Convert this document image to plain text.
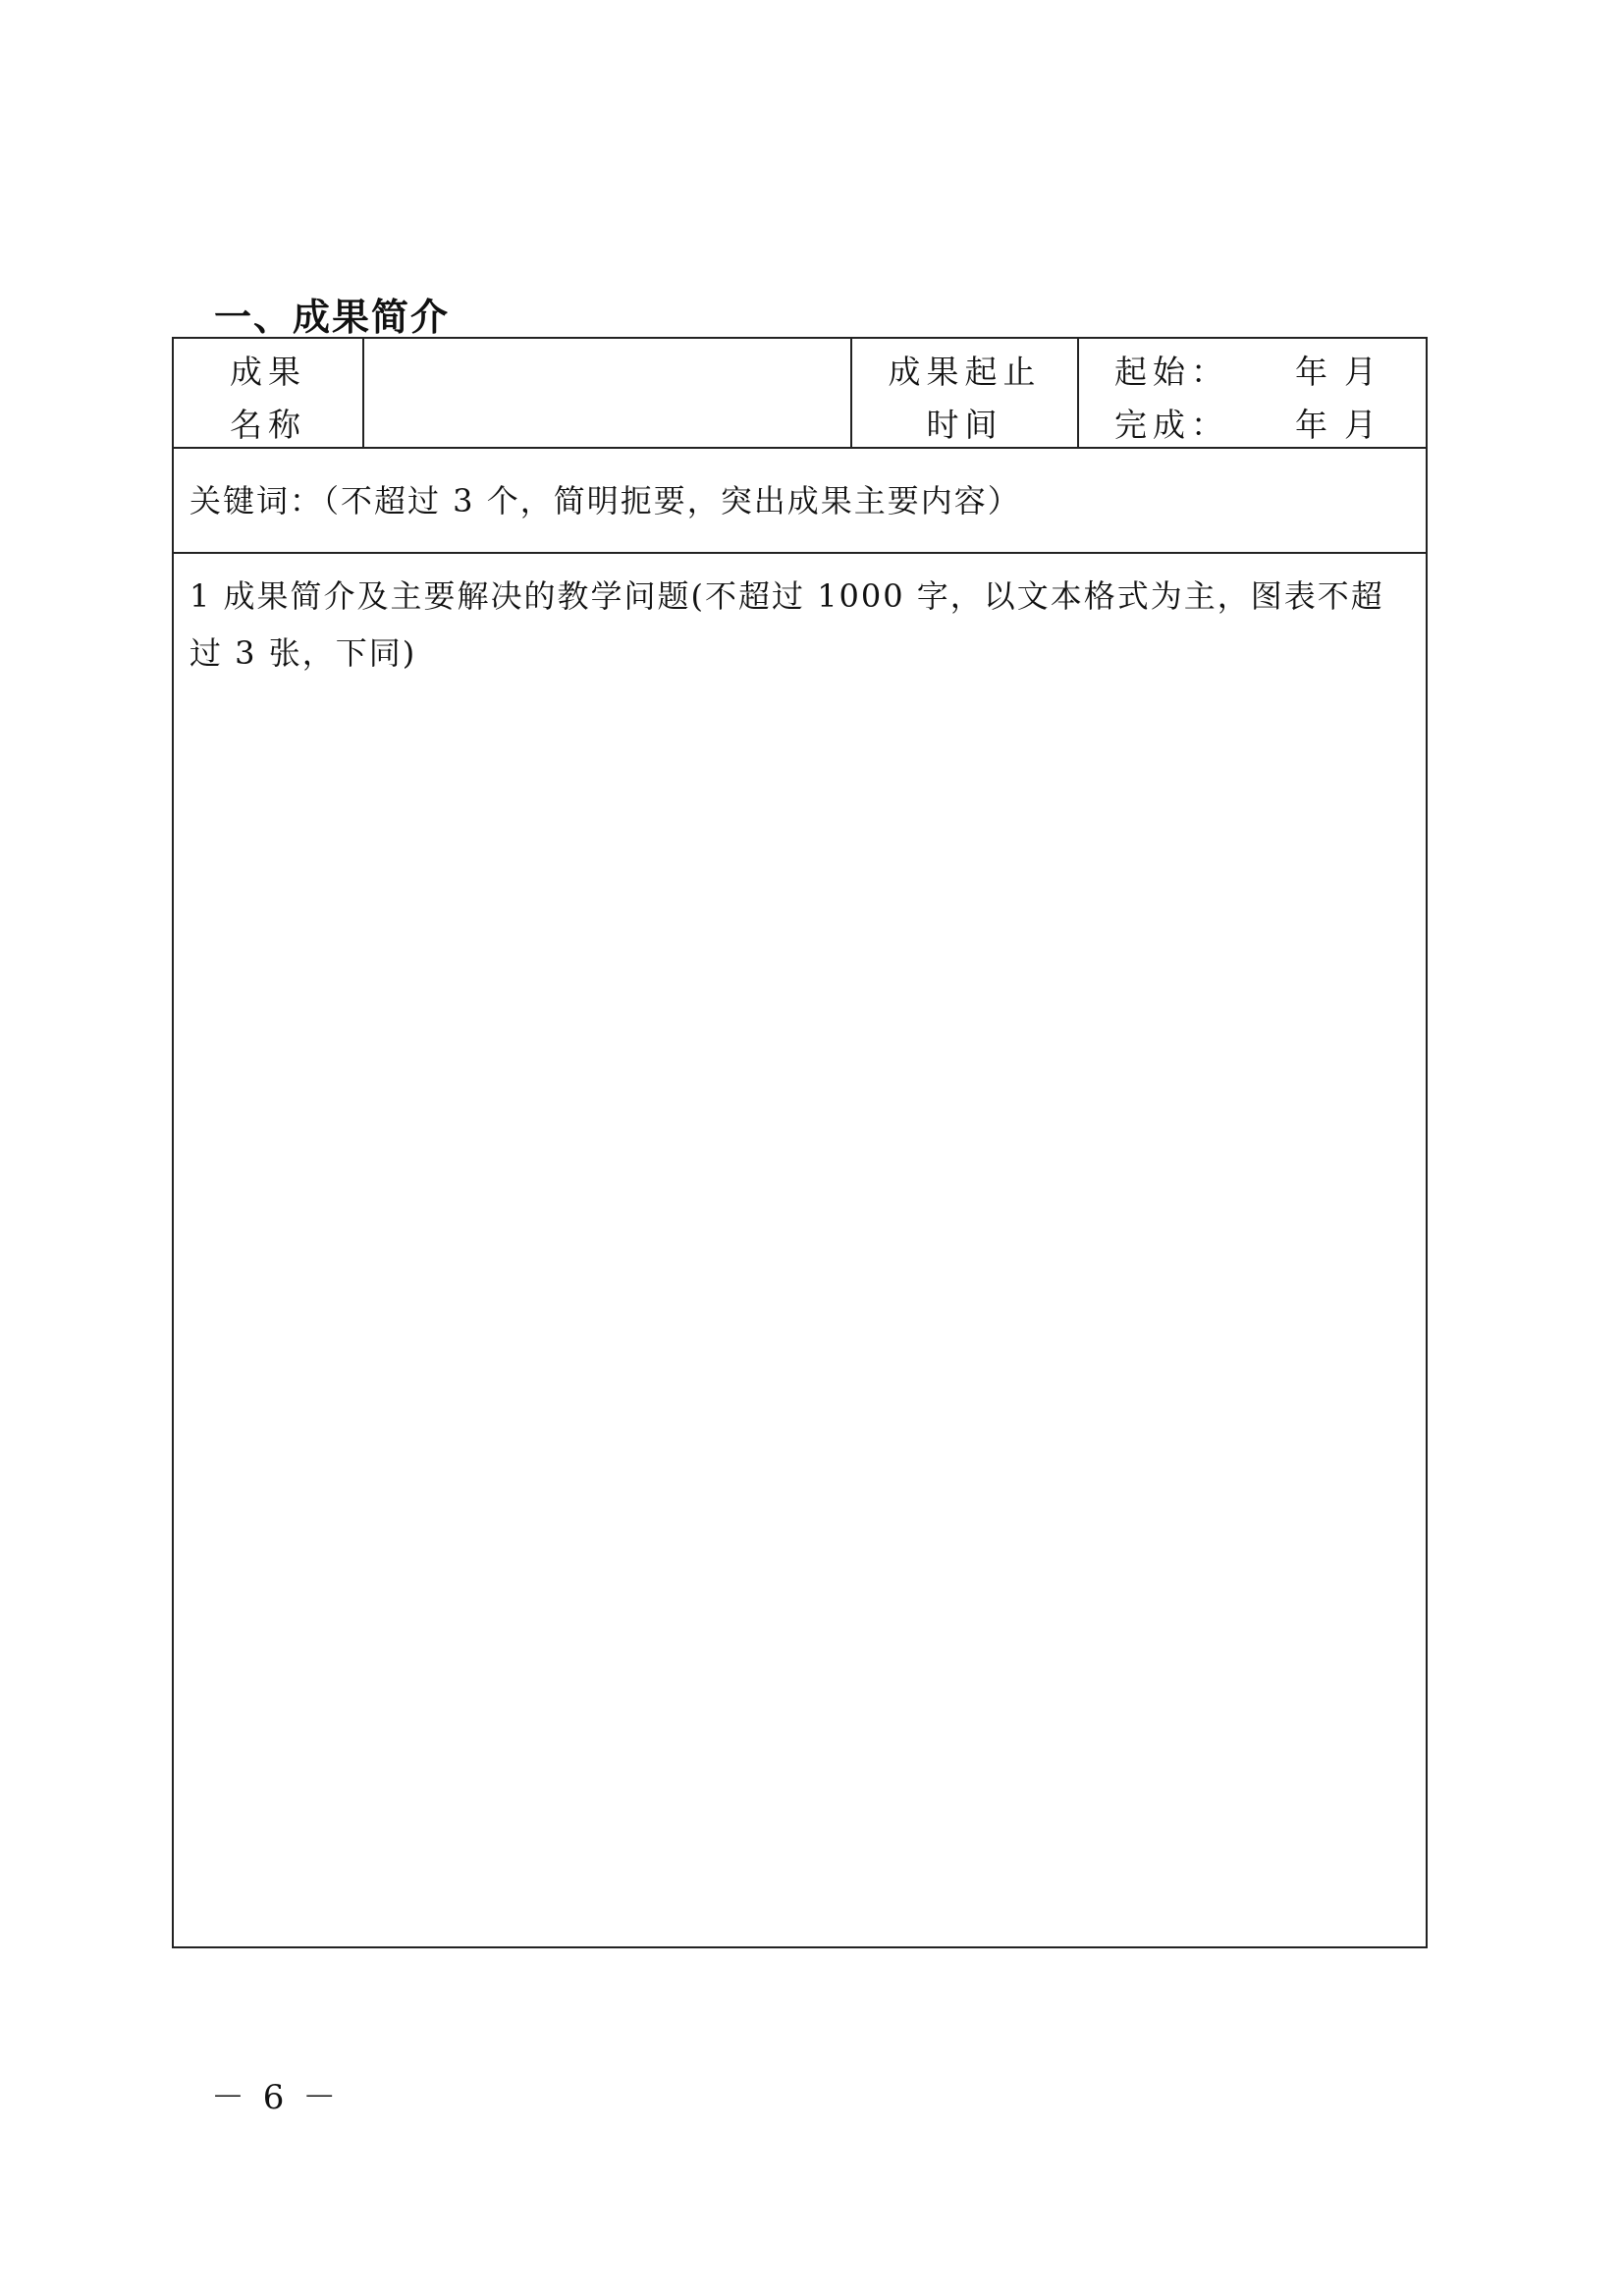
一、成果简介
成果
名称
成果起止
时间
起始： 年 月
完成： 年 月
关键词：（不超过 3 个，简明扼要，突出成果主要内容）
1 成果简介及主要解决的教学问题(不超过 1000 字，以文本格式为主，图表不超过 3 张，下同)
－ 6 －
